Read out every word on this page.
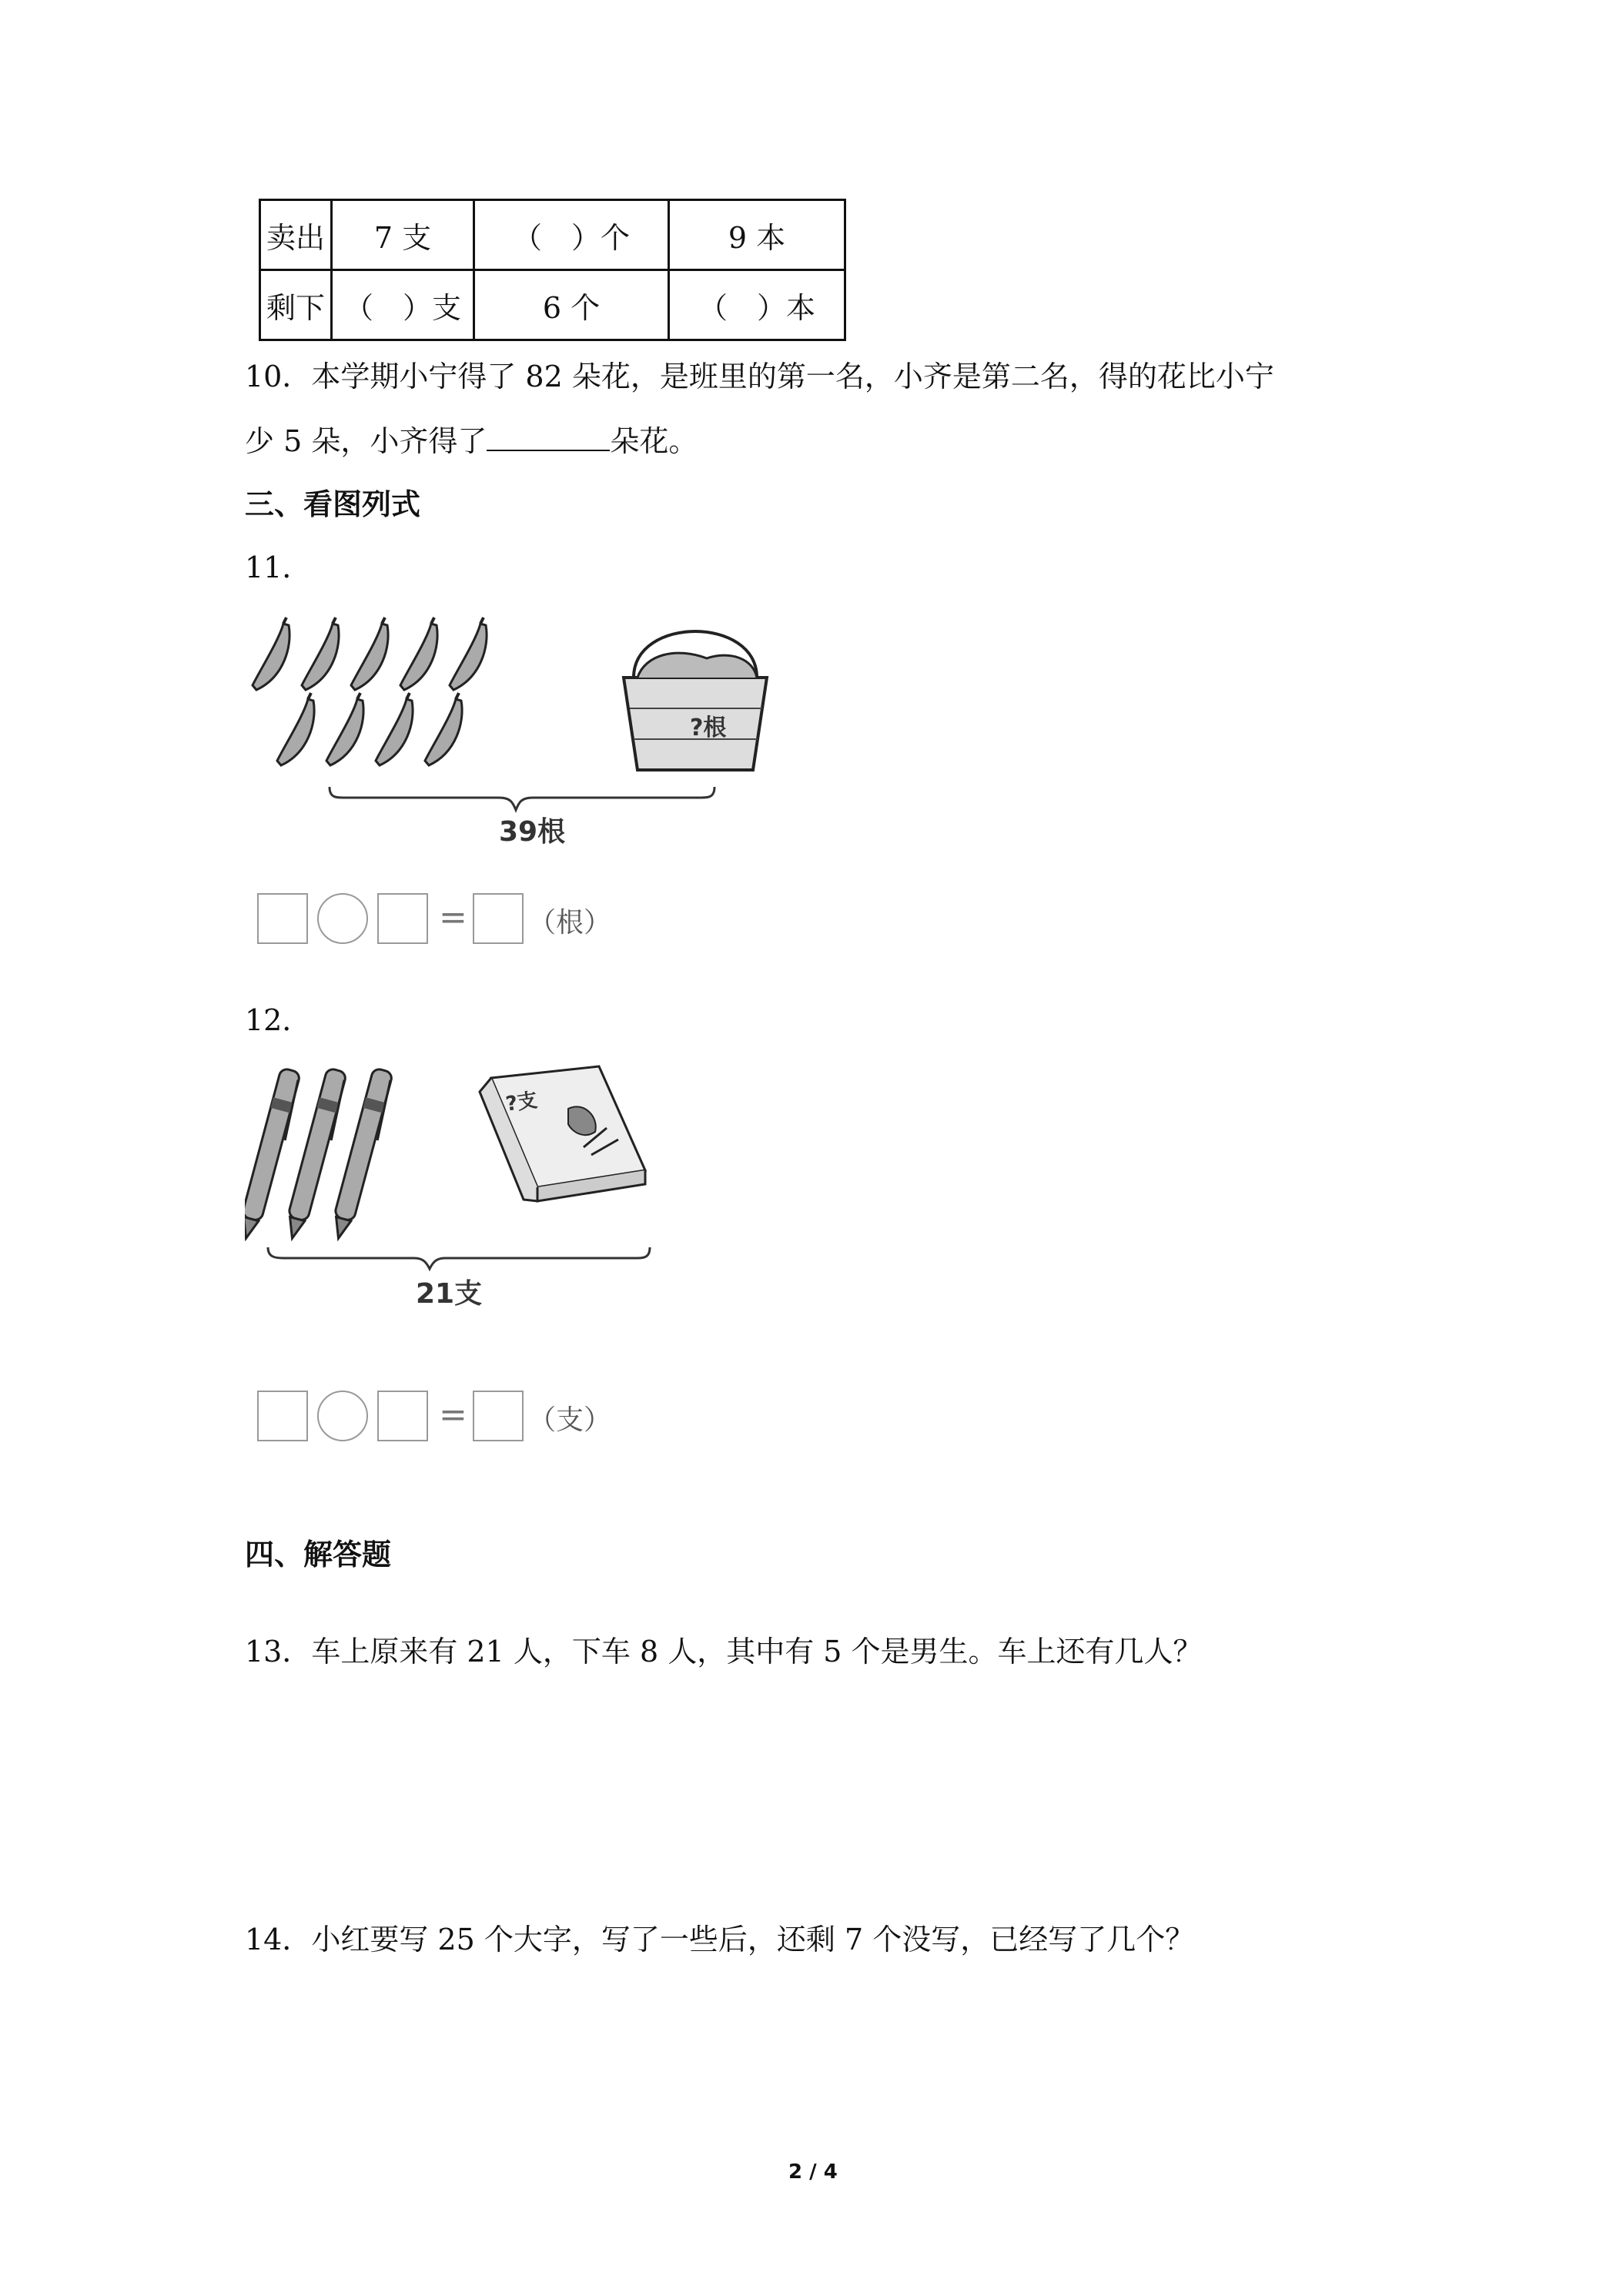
卖出	7 支	（　）个	9 本
剩下	（　）支	6 个	（　）本
10．本学期小宁得了 82 朵花，是班里的第一名，小齐是第二名，得的花比小宁
少 5 朵，小齐得了	朵花。
三、看图列式
11．
?根
39根
= （根）
12．
?支
21支
= （支）
四、解答题
13．车上原来有 21 人，下车 8 人，其中有 5 个是男生。车上还有几人？
14．小红要写 25 个大字，写了一些后，还剩 7 个没写，已经写了几个？
2 / 4
